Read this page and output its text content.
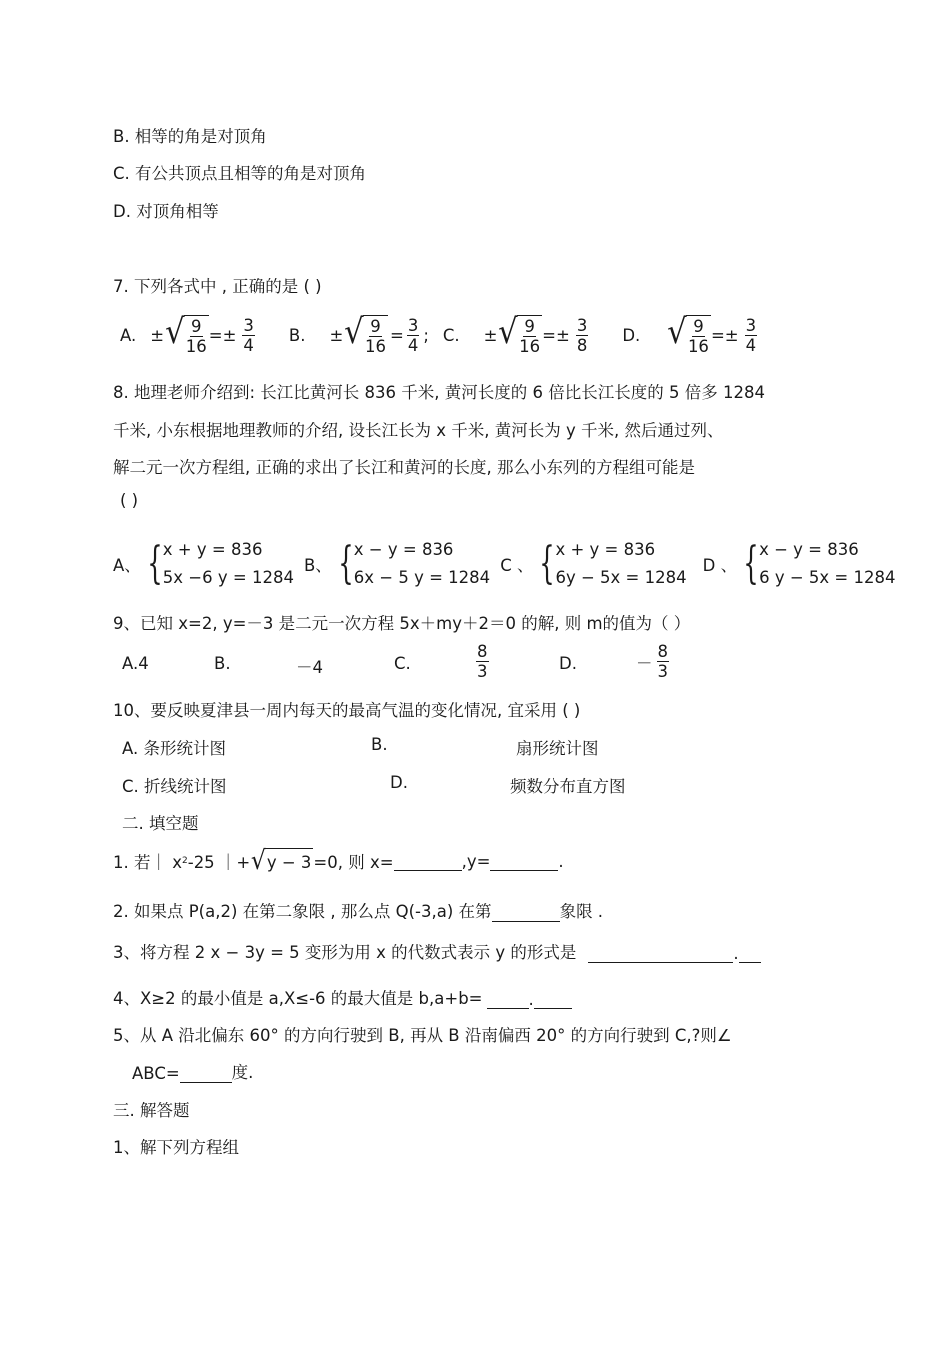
B. 相等的角是对顶角
C. 有公共顶点且相等的角是对顶角
D. 对顶角相等
7. 下列各式中 , 正确的是 ( )
A. ± √ $\frac{9}{16} =\pm \frac{3}{4} B$. ± √ $\frac{9}{16} = \frac{3}{4}$ ; C. ± √ $\frac{9}{16} =\pm \frac{3}{8} D$. √ $\frac{9}{16} =\pm \frac{3}{4}$
8. 地理老师介绍到: 长江比黄河长 836 千米, 黄河长度的 6 倍比长江长度的 5 倍多 1284
千米, 小东根据地理教师的介绍, 设长江长为 x 千米, 黄河长为 y 千米, 然后通过列、
解二元一次方程组, 正确的求出了长江和黄河的长度, 那么小东列的方程组可能是
( )
A、 { x + y = 836
5x −6 y = 1284
B、 { x − y = 836
6x − 5 y = 1284
C 、 { x + y = 836
6y − 5x = 1284
D 、 { x − y = 836
6 y − 5x = 1284
9、已知 x=2, y=－3 是二元一次方程 5x＋my＋2＝0 的解, 则 m的值为（ ）
A.4	B.	－4	C.	$\frac{8}{3}$	D.	－ $\frac{8}{3}$
10、要反映夏津县一周内每天的最高气温的变化情况, 宜采用 ( )
A. 条形统计图	B.	扇形统计图
C. 折线统计图	D.	频数分布直方图
二. 填空题
1. 若｜ x 2 -25 ｜+ √ y − 3 =0, 则 x=
	,y=
	.
2. 如果点 P(a,2) 在第二象限 , 那么点 Q(-3,a) 在第
	象限 .
3、将方程 2 x − 3y = 5 变形为用 x 的代数式表示 y 的形式是
	.

4、X≥2 的最小值是 a,X≤-6 的最大值是 b,a+b=
	.

5、从 A 沿北偏东 60° 的方向行驶到 B, 再从 B 沿南偏西 20° 的方向行驶到 C,?则∠
ABC=
	度.
三. 解答题
1、解下列方程组
